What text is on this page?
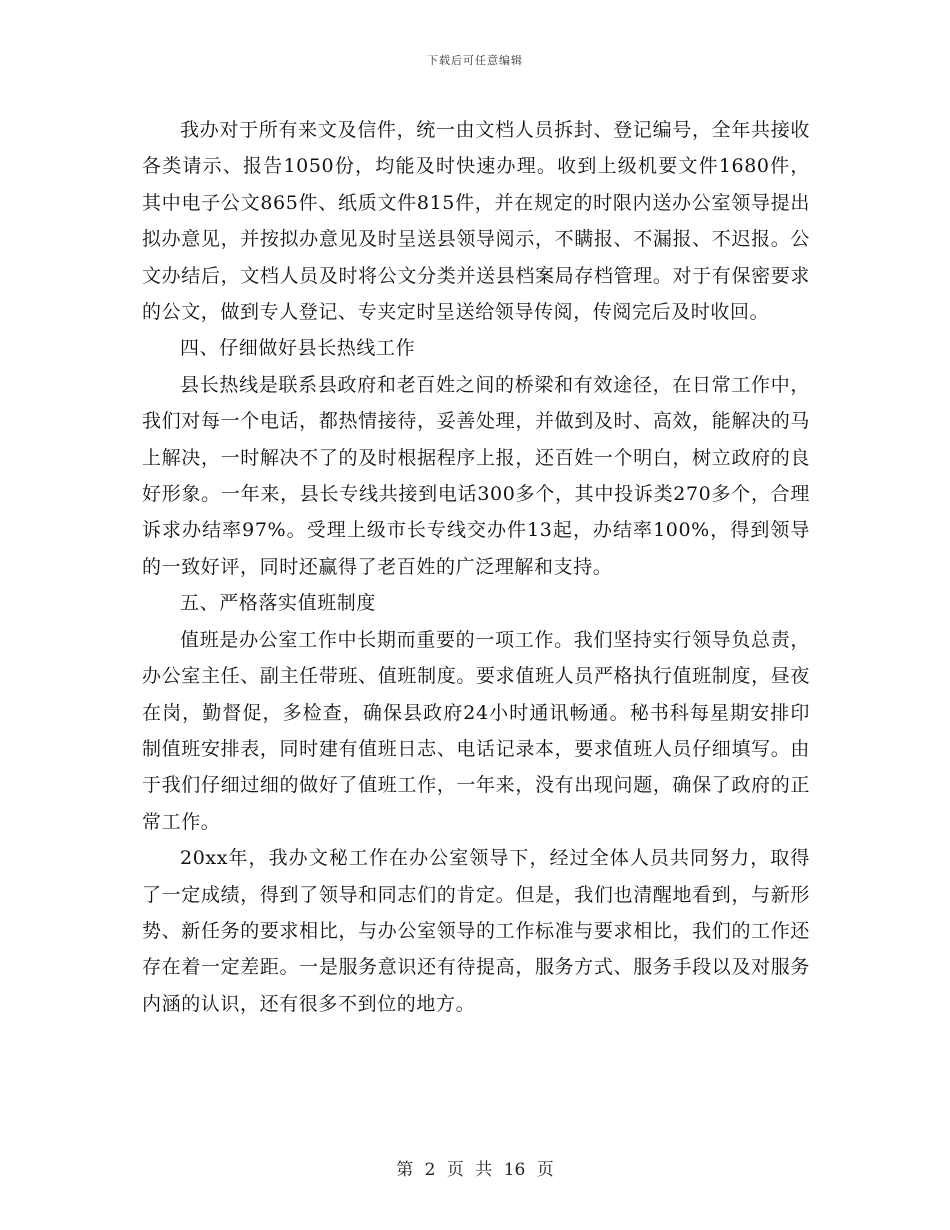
下载后可任意编辑

我办对于所有来文及信件，统一由文档人员拆封、登记编号，全年共接收各类请示、报告1050份，均能及时快速办理。收到上级机要文件1680件，其中电子公文865件、纸质文件815件，并在规定的时限内送办公室领导提出拟办意见，并按拟办意见及时呈送县领导阅示，不瞒报、不漏报、不迟报。公文办结后，文档人员及时将公文分类并送县档案局存档管理。对于有保密要求的公文，做到专人登记、专夹定时呈送给领导传阅，传阅完后及时收回。

四、仔细做好县长热线工作

县长热线是联系县政府和老百姓之间的桥梁和有效途径，在日常工作中，我们对每一个电话，都热情接待，妥善处理，并做到及时、高效，能解决的马上解决，一时解决不了的及时根据程序上报，还百姓一个明白，树立政府的良好形象。一年来，县长专线共接到电话300多个，其中投诉类270多个，合理诉求办结率97%。受理上级市长专线交办件13起，办结率100%，得到领导的一致好评，同时还赢得了老百姓的广泛理解和支持。

五、严格落实值班制度

值班是办公室工作中长期而重要的一项工作。我们坚持实行领导负总责，办公室主任、副主任带班、值班制度。要求值班人员严格执行值班制度，昼夜在岗，勤督促，多检查，确保县政府24小时通讯畅通。秘书科每星期安排印制值班安排表，同时建有值班日志、电话记录本，要求值班人员仔细填写。由于我们仔细过细的做好了值班工作，一年来，没有出现问题，确保了政府的正常工作。

20xx年，我办文秘工作在办公室领导下，经过全体人员共同努力，取得了一定成绩，得到了领导和同志们的肯定。但是，我们也清醒地看到，与新形势、新任务的要求相比，与办公室领导的工作标准与要求相比，我们的工作还存在着一定差距。一是服务意识还有待提高，服务方式、服务手段以及对服务内涵的认识，还有很多不到位的地方。

第 2 页 共 16 页
